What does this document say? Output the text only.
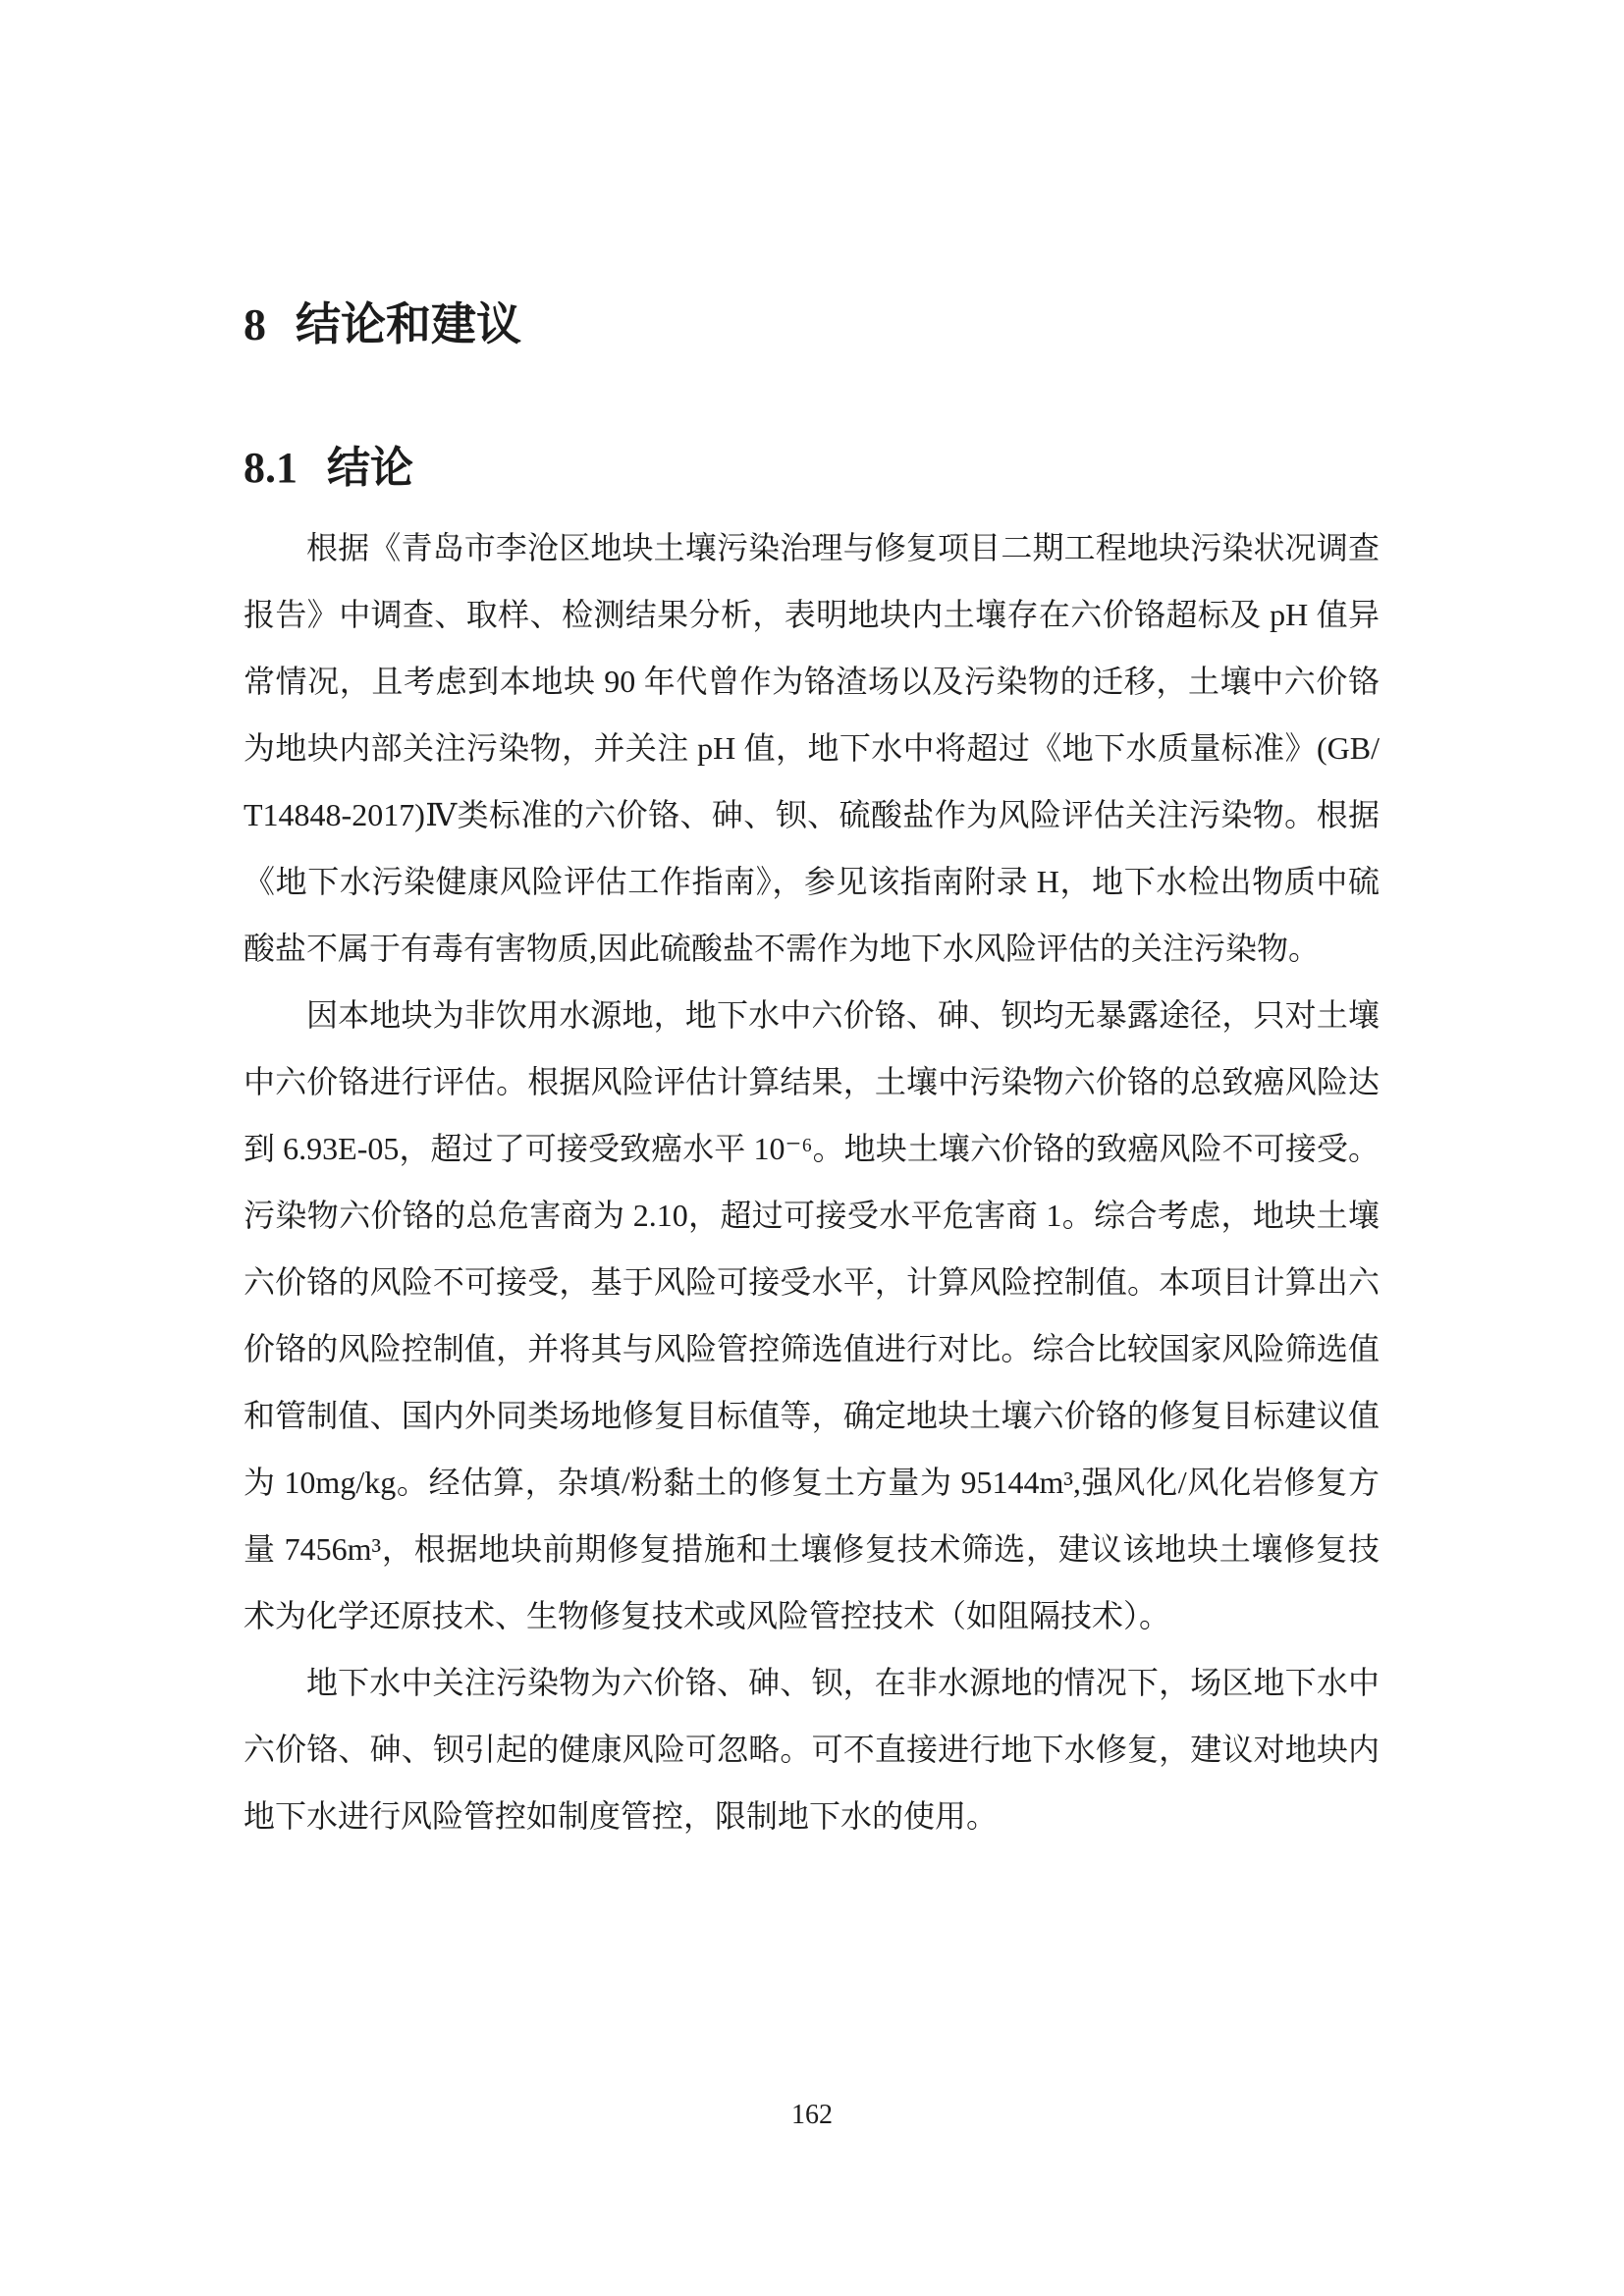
8 结论和建议
8.1 结论

根据《青岛市李沧区地块土壤污染治理与修复项目二期工程地块污染状况调查报告》中调查、取样、检测结果分析，表明地块内土壤存在六价铬超标及 pH 值异常情况，且考虑到本地块 90 年代曾作为铬渣场以及污染物的迁移，土壤中六价铬为地块内部关注污染物，并关注 pH 值，地下水中将超过《地下水质量标准》(GB/T14848-2017)Ⅳ类标准的六价铬、砷、钡、硫酸盐作为风险评估关注污染物。根据《地下水污染健康风险评估工作指南》，参见该指南附录 H，地下水检出物质中硫酸盐不属于有毒有害物质,因此硫酸盐不需作为地下水风险评估的关注污染物。

因本地块为非饮用水源地，地下水中六价铬、砷、钡均无暴露途径，只对土壤中六价铬进行评估。根据风险评估计算结果，土壤中污染物六价铬的总致癌风险达到 6.93E-05，超过了可接受致癌水平 10⁻⁶。地块土壤六价铬的致癌风险不可接受。污染物六价铬的总危害商为 2.10，超过可接受水平危害商 1。综合考虑，地块土壤六价铬的风险不可接受，基于风险可接受水平，计算风险控制值。本项目计算出六价铬的风险控制值，并将其与风险管控筛选值进行对比。综合比较国家风险筛选值和管制值、国内外同类场地修复目标值等，确定地块土壤六价铬的修复目标建议值为 10mg/kg。经估算，杂填/粉黏土的修复土方量为 95144m³,强风化/风化岩修复方量 7456m³，根据地块前期修复措施和土壤修复技术筛选，建议该地块土壤修复技术为化学还原技术、生物修复技术或风险管控技术（如阻隔技术）。

地下水中关注污染物为六价铬、砷、钡，在非水源地的情况下，场区地下水中六价铬、砷、钡引起的健康风险可忽略。可不直接进行地下水修复，建议对地块内地下水进行风险管控如制度管控，限制地下水的使用。

162
